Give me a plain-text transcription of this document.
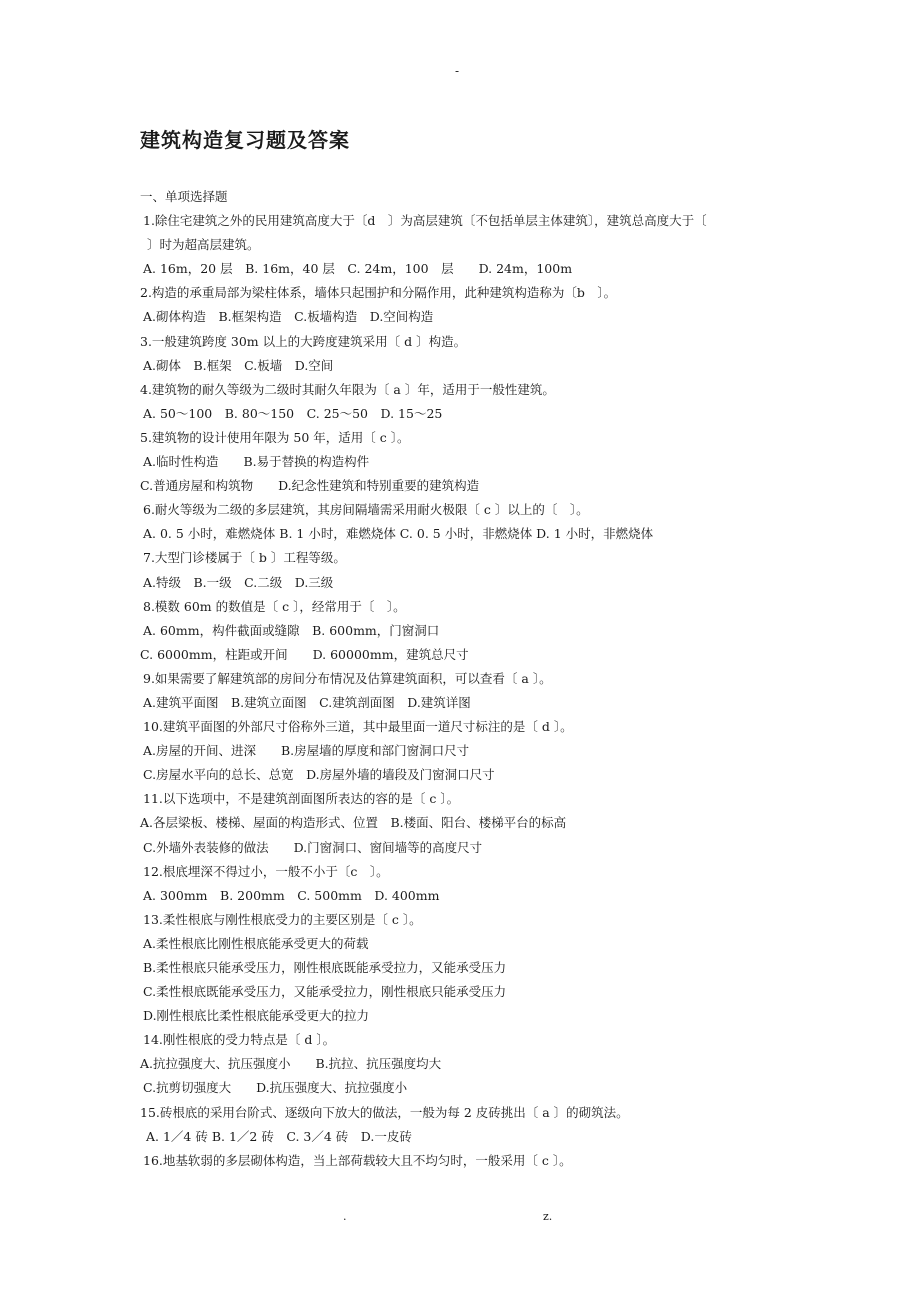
-
建筑构造复习题及答案
一、单项选择题
1.除住宅建筑之外的民用建筑高度大于〔d　〕为高层建筑〔不包括单层主体建筑〕，建筑总高度大于〔
〕时为超高层建筑。
A. 16m，20 层　B. 16m，40 层　C. 24m，100　层　　D. 24m，100m
2.构造的承重局部为梁柱体系，墙体只起围护和分隔作用，此种建筑构造称为〔b　〕。
A.砌体构造　B.框架构造　C.板墙构造　D.空间构造
3.一般建筑跨度 30m 以上的大跨度建筑采用〔 d 〕构造。
A.砌体　B.框架　C.板墙　D.空间
4.建筑物的耐久等级为二级时其耐久年限为〔 a 〕年，适用于一般性建筑。
A. 50～100　B. 80～150　C. 25～50　D. 15～25
5.建筑物的设计使用年限为 50 年，适用〔 c 〕。
A.临时性构造　　B.易于替换的构造构件
C.普通房屋和构筑物　　D.纪念性建筑和特别重要的建筑构造
6.耐火等级为二级的多层建筑，其房间隔墙需采用耐火极限〔 c 〕以上的〔　〕。
A. 0. 5 小时，难燃烧体 B. 1 小时，难燃烧体 C. 0. 5 小时，非燃烧体 D. 1 小时，非燃烧体
7.大型门诊楼属于〔 b 〕工程等级。
A.特级　B.一级　C.二级　D.三级
8.模数 60m 的数值是〔 c 〕，经常用于〔　〕。
A. 60mm，构件截面或缝隙　B. 600mm，门窗洞口
C. 6000mm，柱距或开间　　D. 60000mm，建筑总尺寸
9.如果需要了解建筑部的房间分布情况及估算建筑面积，可以查看〔 a 〕。
A.建筑平面图　B.建筑立面图　C.建筑剖面图　D.建筑详图
10.建筑平面图的外部尺寸俗称外三道，其中最里面一道尺寸标注的是〔 d 〕。
A.房屋的开间、进深　　B.房屋墙的厚度和部门窗洞口尺寸
C.房屋水平向的总长、总宽　D.房屋外墙的墙段及门窗洞口尺寸
11.以下选项中，不是建筑剖面图所表达的容的是〔 c 〕。
A.各层梁板、楼梯、屋面的构造形式、位置　B.楼面、阳台、楼梯平台的标高
C.外墙外表装修的做法　　D.门窗洞口、窗间墙等的高度尺寸
12.根底埋深不得过小，一般不小于〔c　〕。
A. 300mm　B. 200mm　C. 500mm　D. 400mm
13.柔性根底与刚性根底受力的主要区别是〔 c 〕。
A.柔性根底比刚性根底能承受更大的荷载
B.柔性根底只能承受压力，刚性根底既能承受拉力，又能承受压力
C.柔性根底既能承受压力，又能承受拉力，刚性根底只能承受压力
D.刚性根底比柔性根底能承受更大的拉力
14.刚性根底的受力特点是〔 d 〕。
A.抗拉强度大、抗压强度小　　B.抗拉、抗压强度均大
C.抗剪切强度大　　D.抗压强度大、抗拉强度小
15.砖根底的采用台阶式、逐级向下放大的做法，一般为每 2 皮砖挑出〔 a 〕的砌筑法。
A. 1／4 砖 B. 1／2 砖　C. 3／4 砖　D.一皮砖
16.地基软弱的多层砌体构造，当上部荷载较大且不均匀时，一般采用〔 c 〕。
.	z.
